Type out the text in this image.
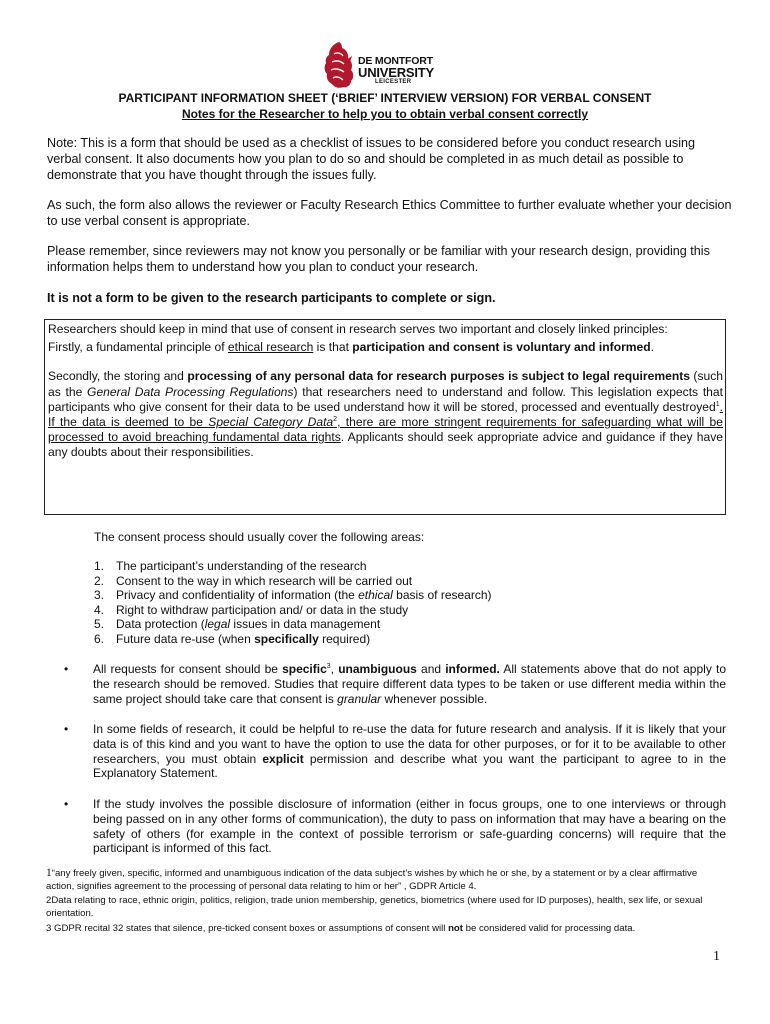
DE MONTFORT
UNIVERSITY
LEICESTER
PARTICIPANT INFORMATION SHEET (‘BRIEF’ INTERVIEW VERSION) FOR VERBAL CONSENT
Notes for the Researcher to help you to obtain verbal consent correctly
Note: This is a form that should be used as a checklist of issues to be considered before you conduct research using verbal consent. It also documents how you plan to do so and should be completed in as much detail as possible to demonstrate that you have thought through the issues fully.
As such, the form also allows the reviewer or Faculty Research Ethics Committee to further evaluate whether your decision to use verbal consent is appropriate.
Please remember, since reviewers may not know you personally or be familiar with your research design, providing this information helps them to understand how you plan to conduct your research.
It is not a form to be given to the research participants to complete or sign.

Researchers should keep in mind that use of consent in research serves two important and closely linked principles:

Firstly, a fundamental principle of ethical research is that participation and consent is voluntary and informed.

Secondly, the storing and processing of any personal data for research purposes is subject to legal requirements (such as the General Data Processing Regulations) that researchers need to understand and follow. This legislation expects that participants who give consent for their data to be used understand how it will be stored, processed and eventually destroyed$^1$. If the data is deemed to be Special Category Data$^2$, there are more stringent requirements for safeguarding what will be processed to avoid breaching fundamental data rights. Applicants should seek appropriate advice and guidance if they have any doubts about their responsibilities.

The consent process should usually cover the following areas:
1. The participant’s understanding of the research
2. Consent to the way in which research will be carried out
3. Privacy and confidentiality of information (the ethical basis of research)
4. Right to withdraw participation and/ or data in the study
5. Data protection (legal issues in data management
6. Future data re-use (when specifically required)
•	All requests for consent should be specific$^3$, unambiguous and informed. All statements above that do not apply to the research should be removed. Studies that require different data types to be taken or use different media within the same project should take care that consent is granular whenever possible.
•	In some fields of research, it could be helpful to re-use the data for future research and analysis. If it is likely that your data is of this kind and you want to have the option to use the data for other purposes, or for it to be available to other researchers, you must obtain explicit permission and describe what you want the participant to agree to in the Explanatory Statement.
•	If the study involves the possible disclosure of information (either in focus groups, one to one interviews or through being passed on in any other forms of communication), the duty to pass on information that may have a bearing on the safety of others (for example in the context of possible terrorism or safe-guarding concerns) will require that the participant is informed of this fact.
1“any freely given, specific, informed and unambiguous indication of the data subject’s wishes by which he or she, by a statement or by a clear affirmative action, signifies agreement to the processing of personal data relating to him or her” , GDPR Article 4.
2Data relating to race, ethnic origin, politics, religion, trade union membership, genetics, biometrics (where used for ID purposes), health, sex life, or sexual orientation.
3 GDPR recital 32 states that silence, pre-ticked consent boxes or assumptions of consent will not be considered valid for processing data.
1
